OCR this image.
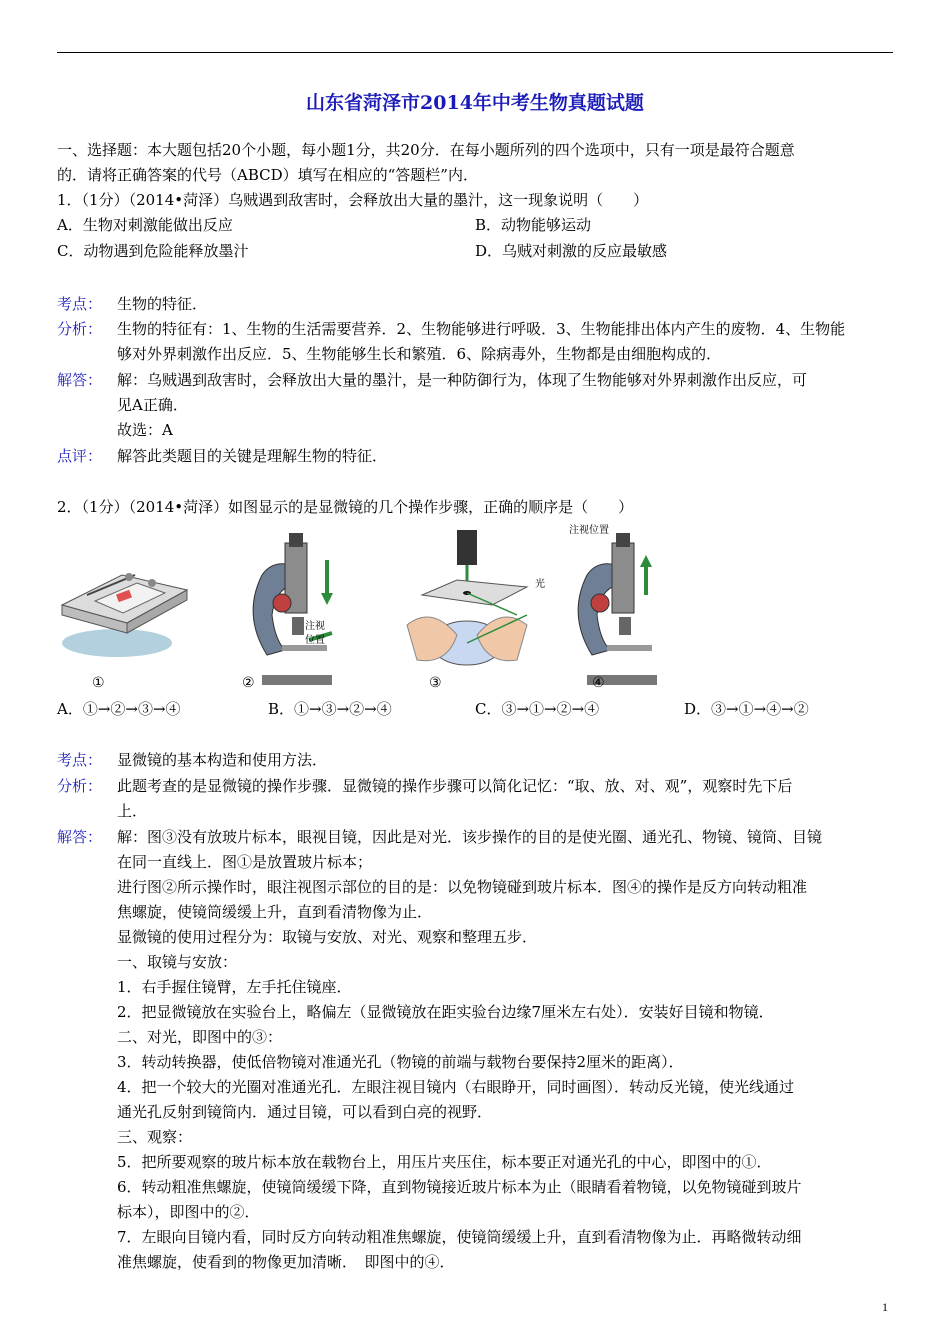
山东省菏泽市2014年中考生物真题试题
一、选择题：本大题包括20个小题，每小题1分，共20分．在每小题所列的四个选项中，只有一项是最符合题意
的．请将正确答案的代号（ABCD）填写在相应的“答题栏”内．
1．（1分）（2014•菏泽）乌贼遇到敌害时，会释放出大量的墨汁，这一现象说明（　　）
A．生物对刺激能做出反应	B．动物能够运动
C．动物遇到危险能释放墨汁	D．乌贼对刺激的反应最敏感
考点： 生物的特征．
分析： 生物的特征有：1、生物的生活需要营养．2、生物能够进行呼吸．3、生物能排出体内产生的废物．4、生物能
够对外界刺激作出反应．5、生物能够生长和繁殖．6、除病毒外，生物都是由细胞构成的．
解答： 解：乌贼遇到敌害时，会释放出大量的墨汁，是一种防御行为，体现了生物能够对外界刺激作出反应，可
见A正确．
故选：A
点评： 解答此类题目的关键是理解生物的特征．
2．（1分）（2014•菏泽）如图显示的是显微镜的几个操作步骤，正确的顺序是（　　）
①	②	③	④
注视
位置
光
注视位置
A．①→②→③→④	B．①→③→②→④	C．③→①→②→④	D．③→①→④→②
考点： 显微镜的基本构造和使用方法．
分析： 此题考查的是显微镜的操作步骤．显微镜的操作步骤可以简化记忆：“取、放、对、观”，观察时先下后
上．
解答： 解：图③没有放玻片标本，眼视目镜，因此是对光．该步操作的目的是使光圈、通光孔、物镜、镜筒、目镜
在同一直线上．图①是放置玻片标本；
进行图②所示操作时，眼注视图示部位的目的是：以免物镜碰到玻片标本．图④的操作是反方向转动粗准
焦螺旋，使镜筒缓缓上升，直到看清物像为止．
显微镜的使用过程分为：取镜与安放、对光、观察和整理五步．
一、取镜与安放：
1．右手握住镜臂，左手托住镜座．
2．把显微镜放在实验台上，略偏左（显微镜放在距实验台边缘7厘米左右处）．安装好目镜和物镜．
二、对光，即图中的③：
3．转动转换器，使低倍物镜对准通光孔（物镜的前端与载物台要保持2厘米的距离）．
4．把一个较大的光圈对准通光孔．左眼注视目镜内（右眼睁开，同时画图）．转动反光镜，使光线通过
通光孔反射到镜筒内．通过目镜，可以看到白亮的视野．
三、观察：
5．把所要观察的玻片标本放在载物台上，用压片夹压住，标本要正对通光孔的中心，即图中的①．
6．转动粗准焦螺旋，使镜筒缓缓下降，直到物镜接近玻片标本为止（眼睛看着物镜，以免物镜碰到玻片
标本），即图中的②．
7．左眼向目镜内看，同时反方向转动粗准焦螺旋，使镜筒缓缓上升，直到看清物像为止．再略微转动细
准焦螺旋，使看到的物像更加清晰．　即图中的④．
1
